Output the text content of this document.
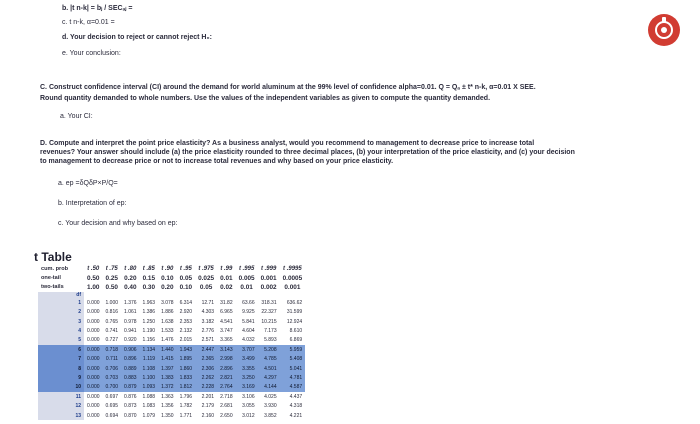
b. |t n-k| = bⱼ / SECₐⱼ =
c. t n-k, α=0.01 =
d. Your decision to reject or cannot reject H₀:
e. Your conclusion:
C. Construct confidence interval (CI) around the demand for world aluminum at the 99% level of confidence alpha=0.01. Q = Qₐ ± t* n-k, α=0.01 X SEE.
Round quantity demanded to whole numbers. Use the values of the independent variables as given to compute the quantity demanded.
a. Your CI:
D. Compute and interpret the point price elasticity? As a business analyst, would you recommend to management to decrease price to increase total
revenues? Your answer should include (a) the price elasticity rounded to three decimal places, (b) your interpretation of the price elasticity, and (c) your decision
to management to decrease price or not to increase total revenues and why based on your price elasticity.
a. ep =δQδP×P/Q=
b. Interpretation of ep:
c. Your decision and why based on ep:
t Table
cum. prob	t .50	t .75	t .80	t .85	t .90	t .95	t .975	t .99	t .995	t .999	t .9995
one-tail	0.50	0.25	0.20	0.15	0.10	0.05	0.025	0.01	0.005	0.001	0.0005
two-tails	1.00	0.50	0.40	0.30	0.20	0.10	0.05	0.02	0.01	0.002	0.001
df											
1	0.000	1.000	1.376	1.963	3.078	6.314	12.71	31.82	63.66	318.31	636.62
2	0.000	0.816	1.061	1.386	1.886	2.920	4.303	6.965	9.925	22.327	31.599
3	0.000	0.765	0.978	1.250	1.638	2.353	3.182	4.541	5.841	10.215	12.924
4	0.000	0.741	0.941	1.190	1.533	2.132	2.776	3.747	4.604	7.173	8.610
5	0.000	0.727	0.920	1.156	1.476	2.015	2.571	3.365	4.032	5.893	6.869
6	0.000	0.718	0.906	1.134	1.440	1.943	2.447	3.143	3.707	5.208	5.959
7	0.000	0.711	0.896	1.119	1.415	1.895	2.365	2.998	3.499	4.785	5.408
8	0.000	0.706	0.889	1.108	1.397	1.860	2.306	2.896	3.355	4.501	5.041
9	0.000	0.703	0.883	1.100	1.383	1.833	2.262	2.821	3.250	4.297	4.781
10	0.000	0.700	0.879	1.093	1.372	1.812	2.228	2.764	3.169	4.144	4.587
11	0.000	0.697	0.876	1.088	1.363	1.796	2.201	2.718	3.106	4.025	4.437
12	0.000	0.695	0.873	1.083	1.356	1.782	2.179	2.681	3.055	3.930	4.318
13	0.000	0.694	0.870	1.079	1.350	1.771	2.160	2.650	3.012	3.852	4.221
